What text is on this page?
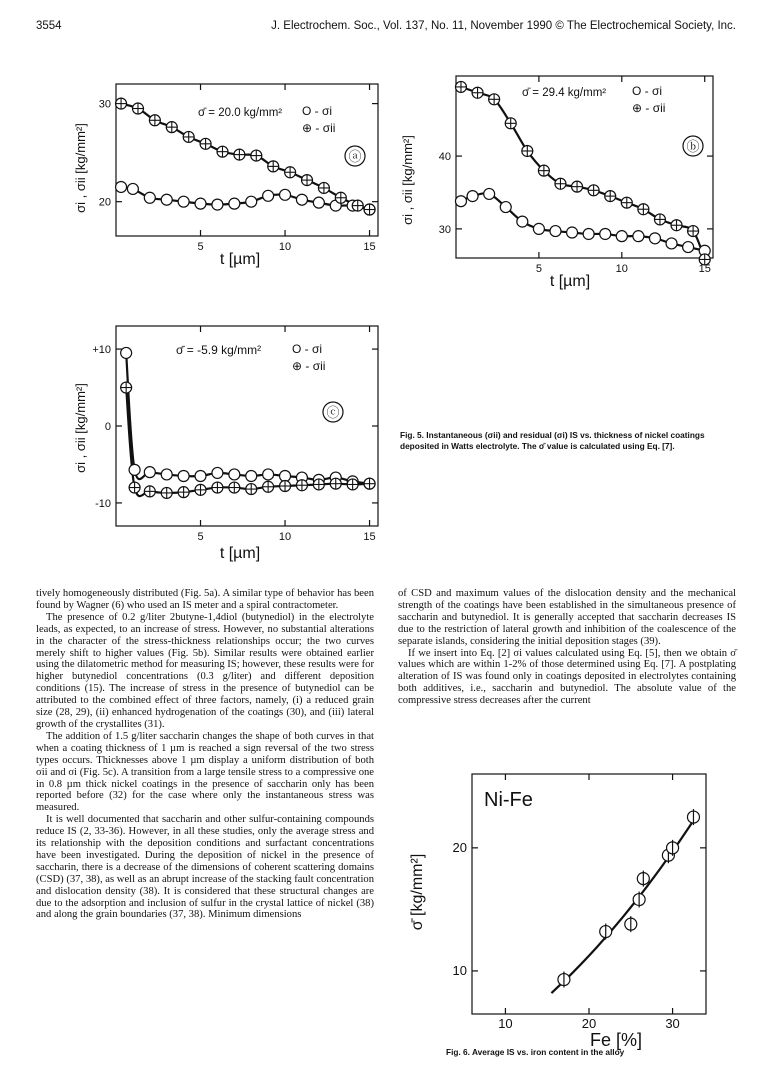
3554	J. Electrochem. Soc., Vol. 137, No. 11, November 1990 © The Electrochemical Society, Inc.
5	10	15
20
30
t [µm]
σi , σii [kg/mm²]
σ̄ = 20.0 kg/mm² O - σi
⊕ - σii
ⓐ
5	10	15
30
40
t [µm]
σi , σii [kg/mm²]
σ̄ = 29.4 kg/mm² O - σi
⊕ - σii
ⓑ
5	10	15
+10
0
-10
t [µm]
σi , σii [kg/mm²]
σ̄ = -5.9 kg/mm²	O - σi
⊕ - σii
ⓒ
10	20	30
20
10
Fe [%]
σ̄ [kg/mm²]
Ni-Fe
Fig. 5. Instantaneous (σii) and residual (σi) IS vs. thickness of nickel coatings deposited in Watts electrolyte. The σ̄ value is calculated using Eq. [7].
Fig. 6. Average IS vs. iron content in the alloy

tively homogeneously distributed (Fig. 5a). A similar type of behavior has been found by Wagner (6) who used an IS meter and a spiral contractometer.

The presence of 0.2 g/liter 2butyne-1,4diol (butynediol) in the electrolyte leads, as expected, to an increase of stress. However, no substantial alterations in the character of the stress-thickness relationships occur; the two curves merely shift to higher values (Fig. 5b). Similar results were obtained earlier using the dilatometric method for measuring IS; however, these results were for higher butynediol concentrations (0.3 g/liter) and different deposition conditions (15). The increase of stress in the presence of butynediol can be attributed to the combined effect of three factors, namely, (i) a reduced grain size (28, 29), (ii) enhanced hydrogenation of the coatings (30), and (iii) lateral growth of the crystallites (31).

The addition of 1.5 g/liter saccharin changes the shape of both curves in that when a coating thickness of 1 µm is reached a sign reversal of the two stress types occurs. Thicknesses above 1 µm display a uniform distribution of both σii and σi (Fig. 5c). A transition from a large tensile stress to a compressive one in 0.8 µm thick nickel coatings in the presence of saccharin only has been reported before (32) for the case where only the instantaneous stress was measured.

It is well documented that saccharin and other sulfur-containing compounds reduce IS (2, 33-36). However, in all these studies, only the average stress and its relationship with the deposition conditions and surfactant concentrations have been investigated. During the deposition of nickel in the presence of saccharin, there is a decrease of the dimensions of coherent scattering domains (CSD) (37, 38), as well as an abrupt increase of the stacking fault concentration and dislocation density (38). It is considered that these structural changes are due to the adsorption and inclusion of sulfur in the crystal lattice of nickel (38) and along the grain boundaries (37, 38). Minimum dimensions

of CSD and maximum values of the dislocation density and the mechanical strength of the coatings have been established in the simultaneous presence of saccharin and butynediol. It is generally accepted that saccharin decreases IS due to the restriction of lateral growth and inhibition of the coalescence of the separate islands, considering the initial deposition stages (39).

If we insert into Eq. [2] σi values calculated using Eq. [5], then we obtain σ̄ values which are within 1-2% of those determined using Eq. [7]. A postplating alteration of IS was found only in coatings deposited in electrolytes containing both additives, i.e., saccharin and butynediol. The absolute value of the compressive stress decreases after the current
